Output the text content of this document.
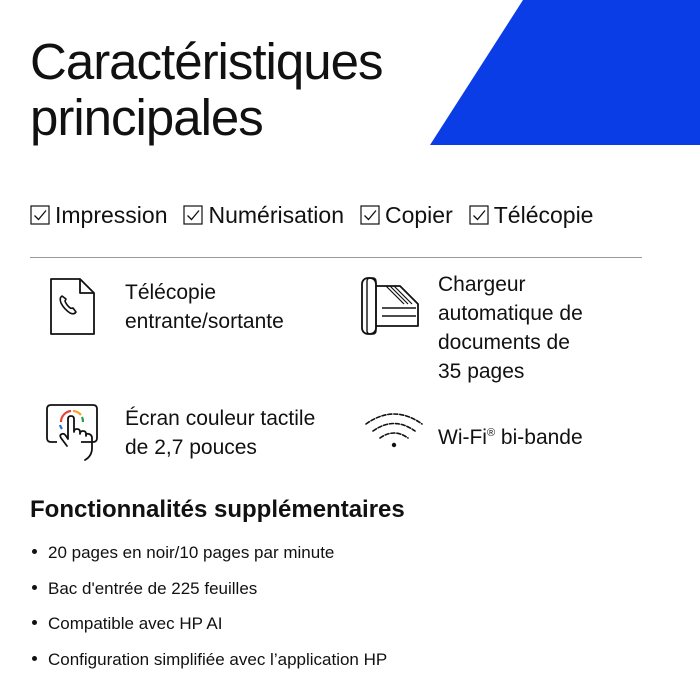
Caractéristiques
principales
Impression Numérisation Copier Télécopie

Télécopie
entrante/sortante

Chargeur
automatique de
documents de
35 pages

Écran couleur tactile
de 2,7 pouces	Wi-Fi® bi-bande

Fonctionnalités supplémentaires
20 pages en noir/10 pages par minute
Bac d'entrée de 225 feuilles
Compatible avec HP AI
Configuration simplifiée avec l’application HP
